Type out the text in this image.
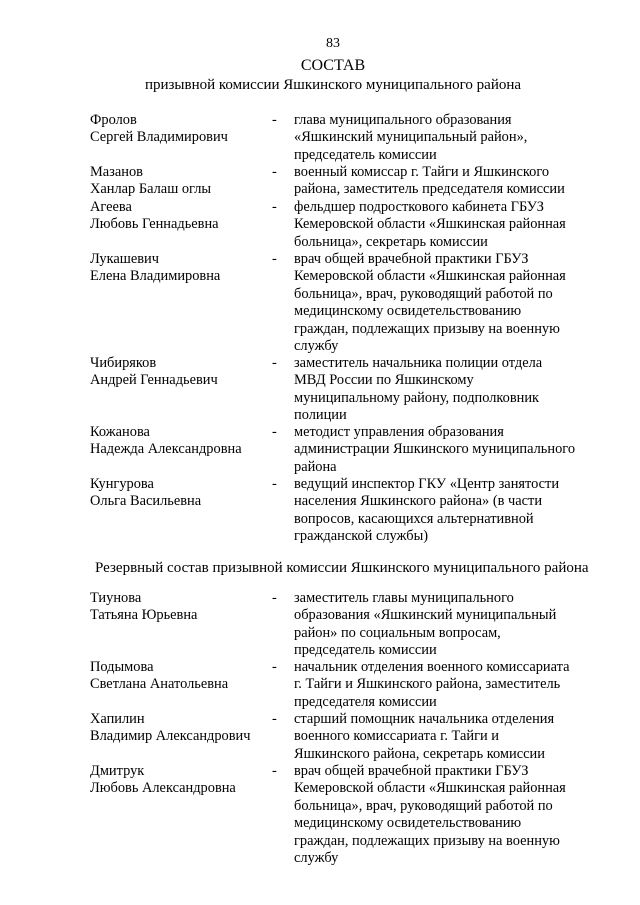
83
СОСТАВ
призывной комиссии Яшкинского муниципального района
Фролов
Сергей Владимирович
- глава муниципального образования
«Яшкинский муниципальный район»,
председатель комиссии
Мазанов
Ханлар Балаш оглы
- военный комиссар г. Тайги и Яшкинского
района, заместитель председателя комиссии
Агеева
Любовь Геннадьевна
- фельдшер подросткового кабинета ГБУЗ
Кемеровской области «Яшкинская районная
больница», секретарь комиссии
Лукашевич
Елена Владимировна
- врач общей врачебной практики ГБУЗ
Кемеровской области «Яшкинская районная
больница», врач, руководящий работой по
медицинскому освидетельствованию
граждан, подлежащих призыву на военную
службу
Чибиряков
Андрей Геннадьевич
- заместитель начальника полиции отдела
МВД России по Яшкинскому
муниципальному району, подполковник
полиции
Кожанова
Надежда Александровна
- методист управления образования
администрации Яшкинского муниципального
района
Кунгурова
Ольга Васильевна
- ведущий инспектор ГКУ «Центр занятости
населения Яшкинского района» (в части
вопросов, касающихся альтернативной
гражданской службы)
Резервный состав призывной комиссии Яшкинского муниципального района
Тиунова
Татьяна Юрьевна
- заместитель главы муниципального
образования «Яшкинский муниципальный
район» по социальным вопросам,
председатель комиссии
Подымова
Светлана Анатольевна
- начальник отделения военного комиссариата
г. Тайги и Яшкинского района, заместитель
председателя комиссии
Хапилин
Владимир Александрович
- старший помощник начальника отделения
военного комиссариата г. Тайги и
Яшкинского района, секретарь комиссии
Дмитрук
Любовь Александровна
- врач общей врачебной практики ГБУЗ
Кемеровской области «Яшкинская районная
больница», врач, руководящий работой по
медицинскому освидетельствованию
граждан, подлежащих призыву на военную
службу
